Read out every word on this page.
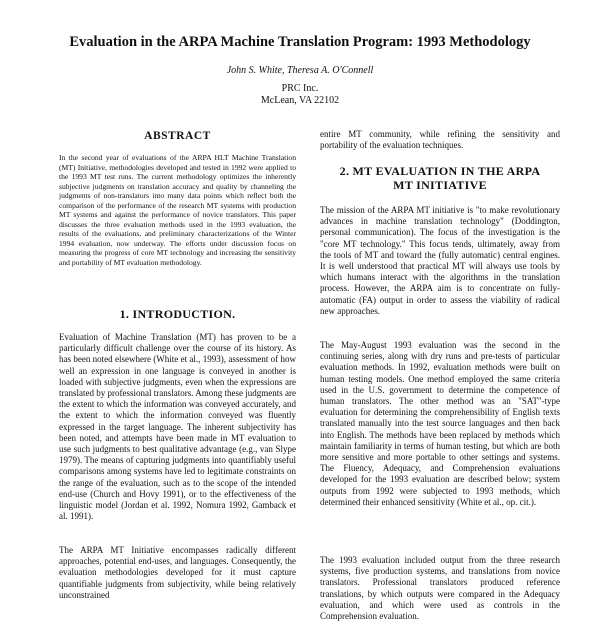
Evaluation in the ARPA Machine Translation Program: 1993 Methodology
John S. White, Theresa A. O'Connell
PRC Inc.
McLean, VA 22102
ABSTRACT
In the second year of evaluations of the ARPA HLT Machine Translation (MT) Initiative, methodologies developed and tested in 1992 were applied to the 1993 MT test runs. The current methodology optimizes the inherently subjective judgments on translation accuracy and quality by channeling the judgments of non-translators into many data points which reflect both the comparison of the performance of the research MT systems with production MT systems and against the performance of novice translators. This paper discusses the three evaluation methods used in the 1993 evaluation, the results of the evaluations, and preliminary characterizations of the Winter 1994 evaluation, now underway. The efforts under discussion focus on measuring the progress of core MT technology and increasing the sensitivity and portability of MT evaluation methodology.
1. INTRODUCTION.
Evaluation of Machine Translation (MT) has proven to be a particularly difficult challenge over the course of its history. As has been noted elsewhere (White et al., 1993), assessment of how well an expression in one language is conveyed in another is loaded with subjective judgments, even when the expressions are translated by professional translators. Among these judgments are the extent to which the information was conveyed accurately, and the extent to which the information conveyed was fluently expressed in the target language. The inherent subjectivity has been noted, and attempts have been made in MT evaluation to use such judgments to best qualitative advantage (e.g., van Slype 1979). The means of capturing judgments into quantifiably useful comparisons among systems have led to legitimate constraints on the range of the evaluation, such as to the scope of the intended end-use (Church and Hovy 1991), or to the effectiveness of the linguistic model (Jordan et al. 1992, Nomura 1992, Gamback et al. 1991).
The ARPA MT Initiative encompasses radically different approaches, potential end-uses, and languages. Consequently, the evaluation methodologies developed for it must capture quantifiable judgments from subjectivity, while being relatively unconstrained
entire MT community, while refining the sensitivity and portability of the evaluation techniques.
2. MT EVALUATION IN THE ARPA
MT INITIATIVE
The mission of the ARPA MT initiative is "to make revolutionary advances in machine translation technology" (Doddington, personal communication). The focus of the investigation is the "core MT technology." This focus tends, ultimately, away from the tools of MT and toward the (fully automatic) central engines. It is well understood that practical MT will always use tools by which humans interact with the algorithms in the translation process. However, the ARPA aim is to concentrate on fully-automatic (FA) output in order to assess the viability of radical new approaches.
The May-August 1993 evaluation was the second in the continuing series, along with dry runs and pre-tests of particular evaluation methods. In 1992, evaluation methods were built on human testing models. One method employed the same criteria used in the U.S. government to determine the competence of human translators. The other method was an "SAT"-type evaluation for determining the comprehensibility of English texts translated manually into the test source languages and then back into English. The methods have been replaced by methods which maintain familiarity in terms of human testing, but which are both more sensitive and more portable to other settings and systems. The Fluency, Adequacy, and Comprehension evaluations developed for the 1993 evaluation are described below; system outputs from 1992 were subjected to 1993 methods, which determined their enhanced sensitivity (White et al., op. cit.).
The 1993 evaluation included output from the three research systems, five production systems, and translations from novice translators. Professional translators produced reference translations, by which outputs were compared in the Adequacy evaluation, and which were used as controls in the Comprehension evaluation.
